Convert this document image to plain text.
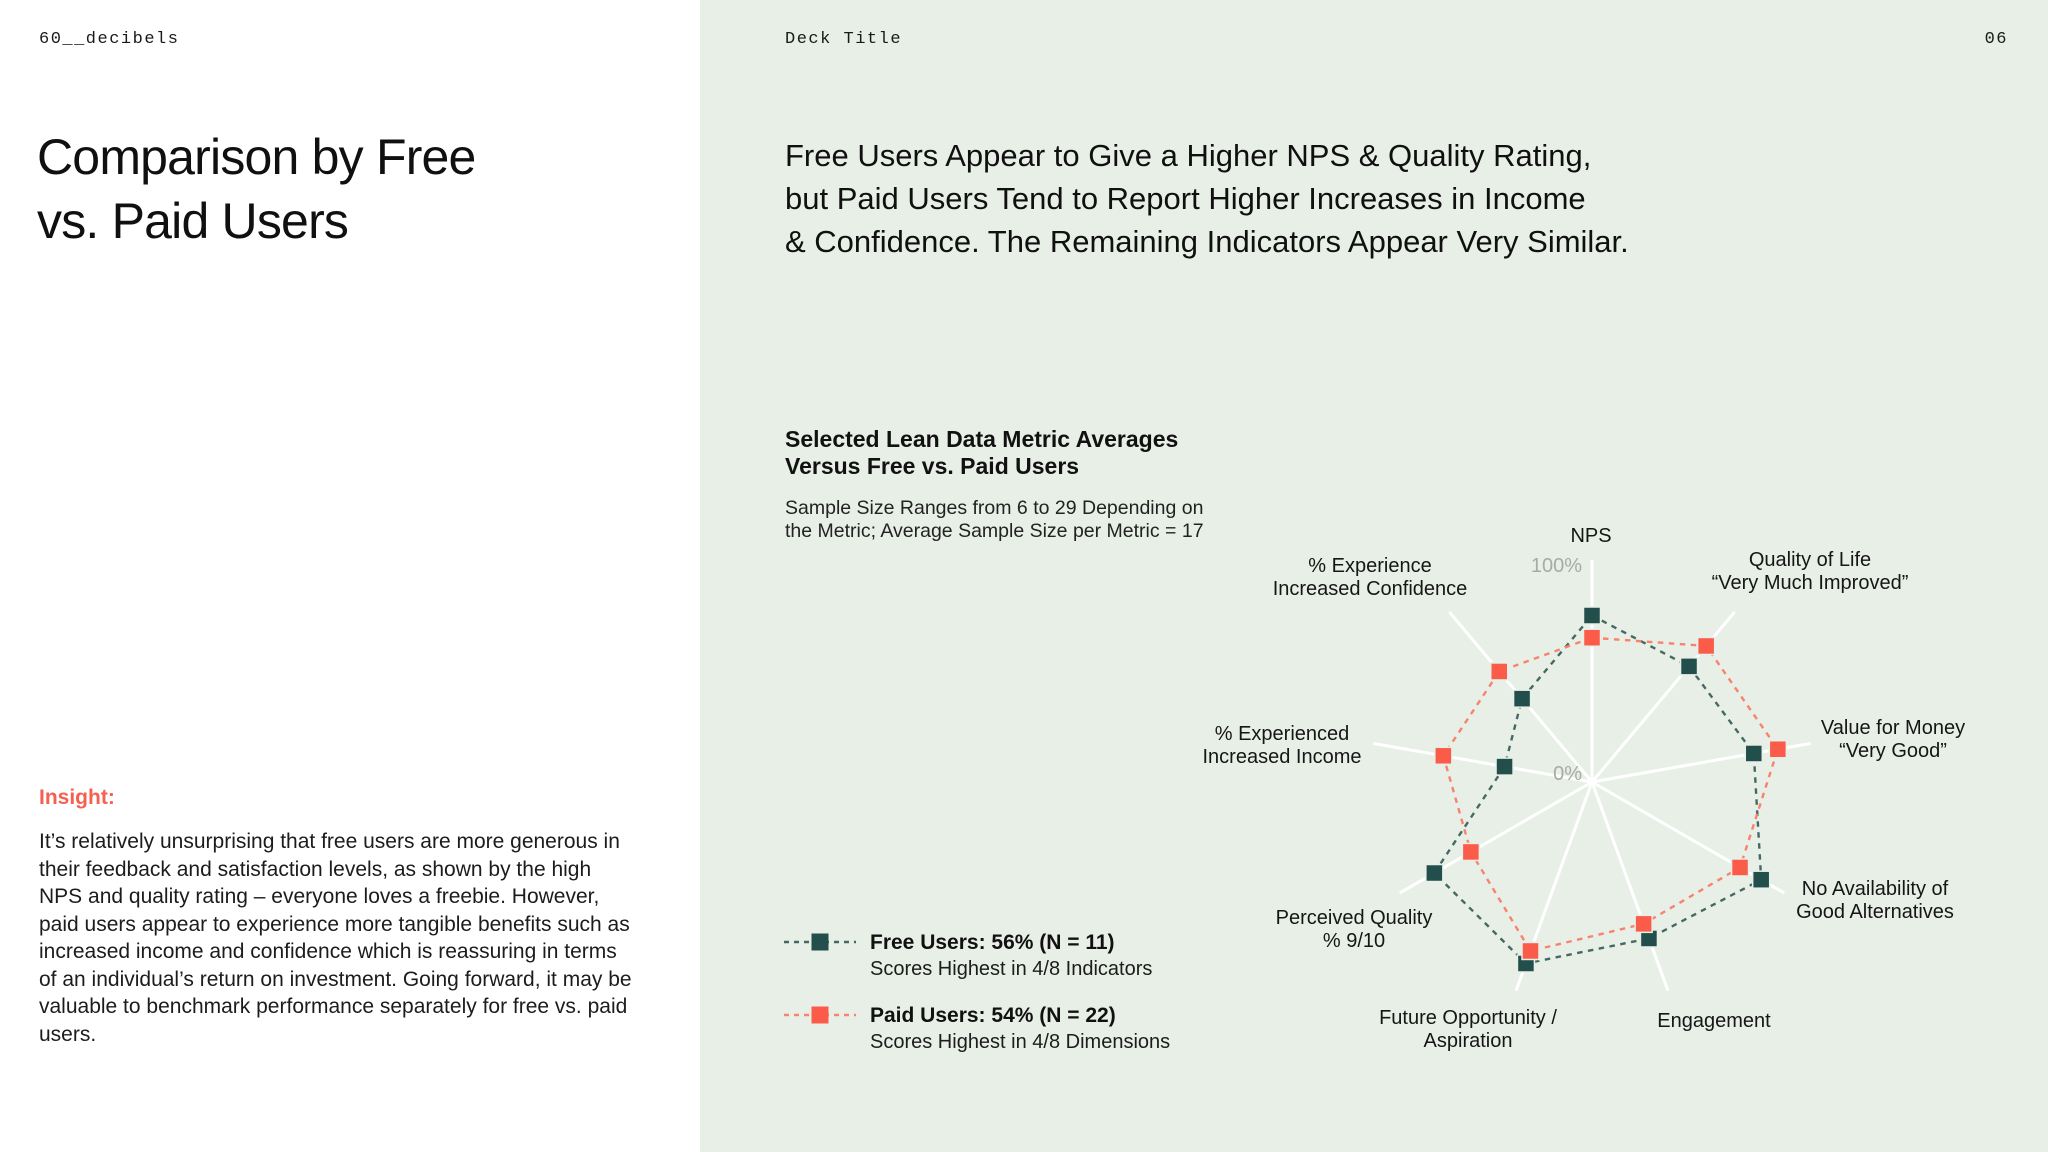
60__decibels
Comparison by Free
vs. Paid Users
Insight:
It’s relatively unsurprising that free users are more generous in their feedback and satisfaction levels, as shown by the high NPS and quality rating – everyone loves a freebie. However, paid users appear to experience more tangible benefits such as increased income and confidence which is reassuring in terms of an individual’s return on investment. Going forward, it may be valuable to benchmark performance separately for free vs. paid users.
Deck Title	06
Free Users Appear to Give a Higher NPS & Quality Rating,
but Paid Users Tend to Report Higher Increases in Income
& Confidence. The Remaining Indicators Appear Very Similar.
Selected Lean Data Metric Averages
Versus Free vs. Paid Users
Sample Size Ranges from 6 to 29 Depending on
the Metric; Average Sample Size per Metric = 17
Free Users: 56% (N = 11)
Scores Highest in 4/8 Indicators
Paid Users: 54% (N = 22)
Scores Highest in 4/8 Dimensions
100%
0%
NPS
Quality of Life “Very Much Improved”
Value for Money “Very Good”
No Availability of Good Alternatives
Engagement
Future Opportunity / Aspiration
Perceived Quality % 9/10
% Experienced Increased Income
% Experience Increased Confidence
